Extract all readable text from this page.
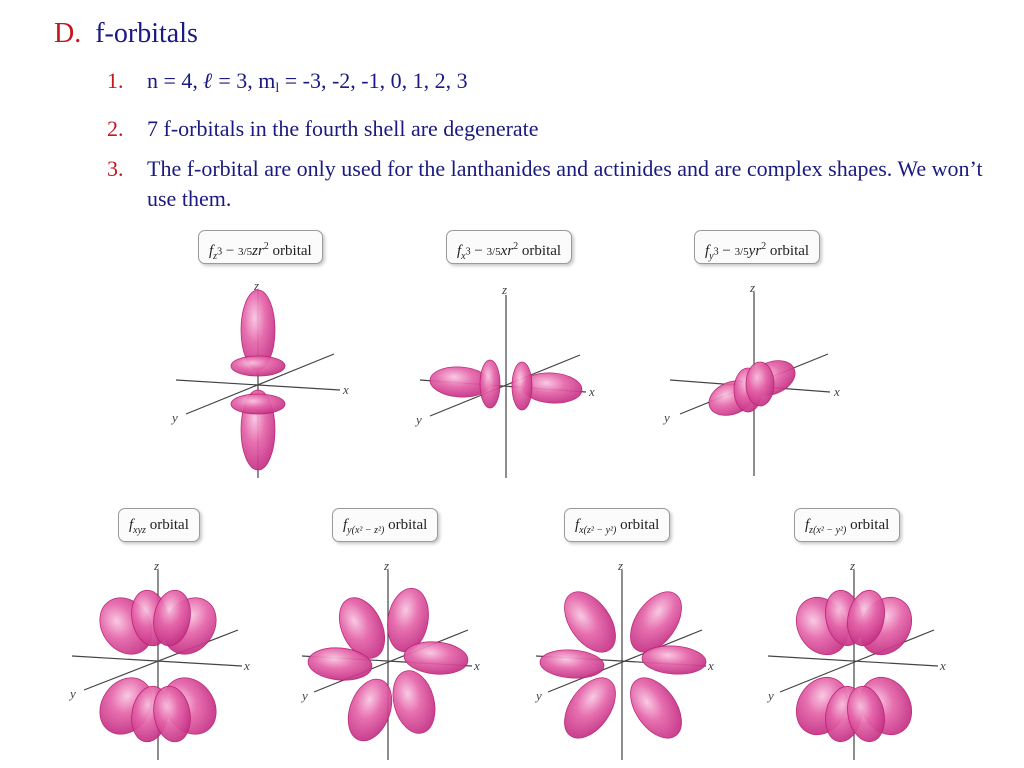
D. f-orbitals
1.	n = 4, ℓ = 3, $m_l = -3$, -2, -1, 0, 1, 2, 3
2.	7 f-orbitals in the fourth shell are degenerate
3.	The f-orbital are only used for the lanthanides and actinides and are complex shapes. We won’t use them.
$f_{z^3} - 3/5zr^2$ orbital	$f_{x^3} - 3/5xr^2$ orbital	$f_{y^3} - 3/5yr^2$ orbital
$f_{xyz}$ orbital	$f_{y(x^2 - z^2)}$ orbital	$f_{x(z^2 - y^2)}$ orbital	$f_{z(x^2 - y^2)}$ orbital
z
x
y
z
x
y
z
x
y
z
x
y
z
x
y
z
x
y
z
x
y
